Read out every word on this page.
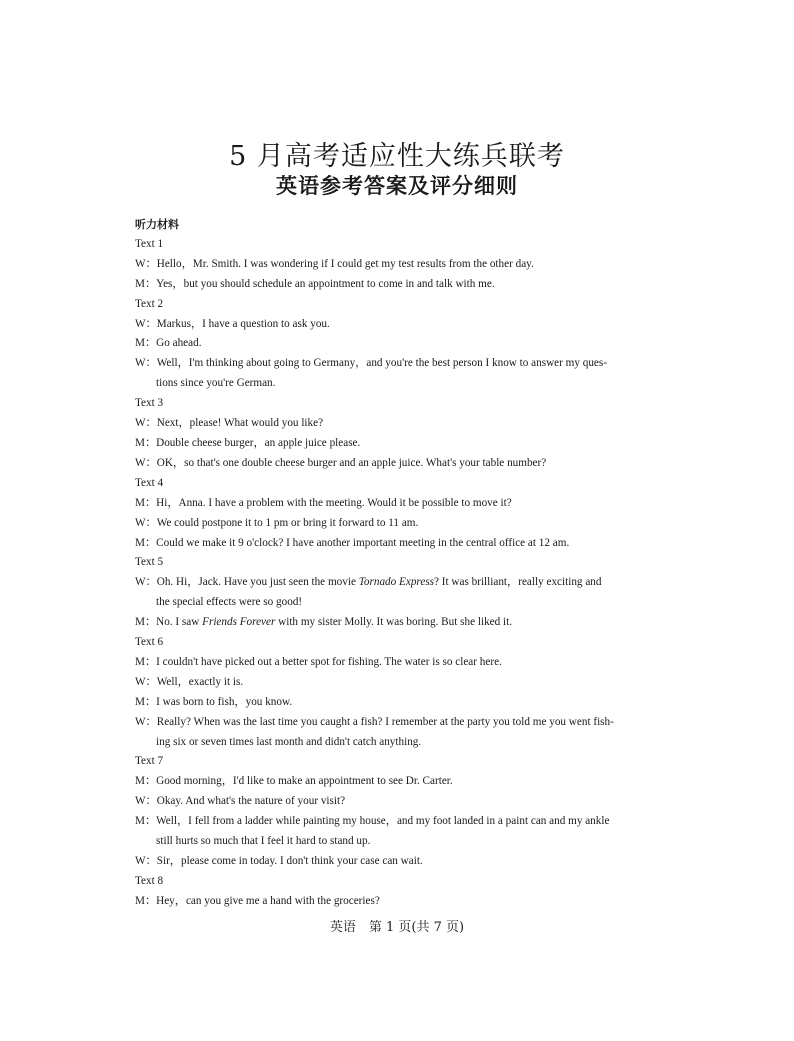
5 月高考适应性大练兵联考
英语参考答案及评分细则
听力材料
Text 1
W：Hello，Mr. Smith. I was wondering if I could get my test results from the other day.
M：Yes，but you should schedule an appointment to come in and talk with me.
Text 2
W：Markus，I have a question to ask you.
M：Go ahead.
W：Well，I'm thinking about going to Germany，and you're the best person I know to answer my ques-
tions since you're German.
Text 3
W：Next，please! What would you like?
M：Double cheese burger，an apple juice please.
W：OK，so that's one double cheese burger and an apple juice. What's your table number?
Text 4
M：Hi，Anna. I have a problem with the meeting. Would it be possible to move it?
W：We could postpone it to 1 pm or bring it forward to 11 am.
M：Could we make it 9 o'clock? I have another important meeting in the central office at 12 am.
Text 5
W：Oh. Hi，Jack. Have you just seen the movie Tornado Express? It was brilliant，really exciting and
the special effects were so good!
M：No. I saw Friends Forever with my sister Molly. It was boring. But she liked it.
Text 6
M：I couldn't have picked out a better spot for fishing. The water is so clear here.
W：Well，exactly it is.
M：I was born to fish，you know.
W：Really? When was the last time you caught a fish? I remember at the party you told me you went fish-
ing six or seven times last month and didn't catch anything.
Text 7
M：Good morning，I'd like to make an appointment to see Dr. Carter.
W：Okay. And what's the nature of your visit?
M：Well，I fell from a ladder while painting my house，and my foot landed in a paint can and my ankle
still hurts so much that I feel it hard to stand up.
W：Sir，please come in today. I don't think your case can wait.
Text 8
M：Hey，can you give me a hand with the groceries?
英语　第 1 页(共 7 页)
